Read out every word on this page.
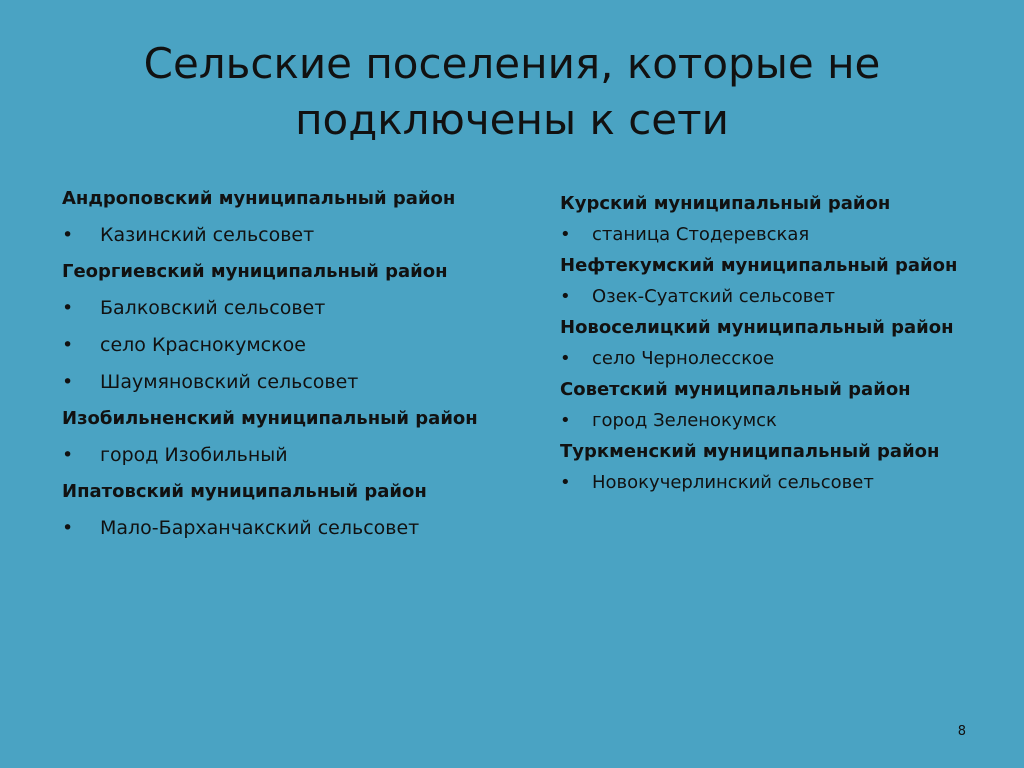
Сельские поселения, которые не
подключены к сети
Андроповский муниципальный район
• Казинский сельсовет
Георгиевский муниципальный район
• Балковский сельсовет
• село Краснокумское
• Шаумяновский сельсовет
Изобильненский муниципальный район
• город Изобильный
Ипатовский муниципальный район
• Мало-Барханчакский сельсовет
Курский муниципальный район
• станица Стодеревская
Нефтекумский муниципальный район
• Озек-Суатский сельсовет
Новоселицкий муниципальный район
• село Чернолесское
Советский муниципальный район
• город Зеленокумск
Туркменский муниципальный район
• Новокучерлинский сельсовет
8
